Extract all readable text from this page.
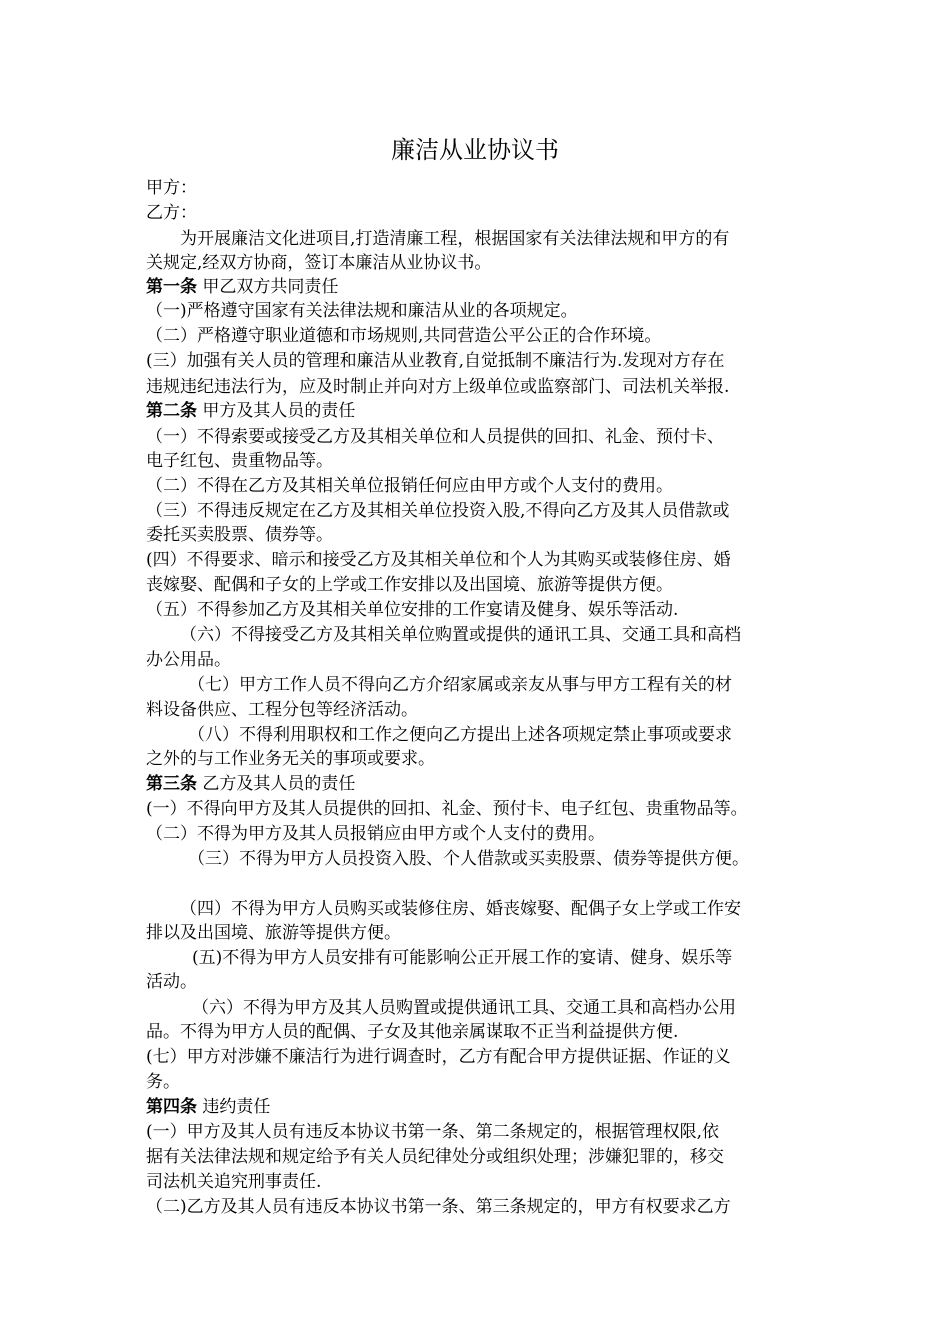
廉洁从业协议书

甲方：

乙方：

为开展廉洁文化进项目,打造清廉工程，根据国家有关法律法规和甲方的有

关规定,经双方协商，签订本廉洁从业协议书。

第一条 甲乙双方共同责任

（一)严格遵守国家有关法律法规和廉洁从业的各项规定。

（二）严格遵守职业道德和市场规则,共同营造公平公正的合作环境。

(三）加强有关人员的管理和廉洁从业教育,自觉抵制不廉洁行为.发现对方存在

违规违纪违法行为，应及时制止并向对方上级单位或监察部门、司法机关举报.

第二条 甲方及其人员的责任

（一）不得索要或接受乙方及其相关单位和人员提供的回扣、礼金、预付卡、

电子红包、贵重物品等。

（二）不得在乙方及其相关单位报销任何应由甲方或个人支付的费用。

（三）不得违反规定在乙方及其相关单位投资入股,不得向乙方及其人员借款或

委托买卖股票、债券等。

(四）不得要求、暗示和接受乙方及其相关单位和个人为其购买或装修住房、婚

丧嫁娶、配偶和子女的上学或工作安排以及出国境、旅游等提供方便。

（五）不得参加乙方及其相关单位安排的工作宴请及健身、娱乐等活动.

（六）不得接受乙方及其相关单位购置或提供的通讯工具、交通工具和高档

办公用品。

（七）甲方工作人员不得向乙方介绍家属或亲友从事与甲方工程有关的材

料设备供应、工程分包等经济活动。

（八）不得利用职权和工作之便向乙方提出上述各项规定禁止事项或要求

之外的与工作业务无关的事项或要求。

第三条 乙方及其人员的责任

(一）不得向甲方及其人员提供的回扣、礼金、预付卡、电子红包、贵重物品等。

（二）不得为甲方及其人员报销应由甲方或个人支付的费用。

（三）不得为甲方人员投资入股、个人借款或买卖股票、债券等提供方便。

（四）不得为甲方人员购买或装修住房、婚丧嫁娶、配偶子女上学或工作安

排以及出国境、旅游等提供方便。

(五)不得为甲方人员安排有可能影响公正开展工作的宴请、健身、娱乐等

活动。

（六）不得为甲方及其人员购置或提供通讯工具、交通工具和高档办公用

品。不得为甲方人员的配偶、子女及其他亲属谋取不正当利益提供方便.

(七）甲方对涉嫌不廉洁行为进行调查时，乙方有配合甲方提供证据、作证的义

务。

第四条 违约责任

(一）甲方及其人员有违反本协议书第一条、第二条规定的，根据管理权限,依

据有关法律法规和规定给予有关人员纪律处分或组织处理；涉嫌犯罪的，移交

司法机关追究刑事责任.

（二)乙方及其人员有违反本协议书第一条、第三条规定的，甲方有权要求乙方
